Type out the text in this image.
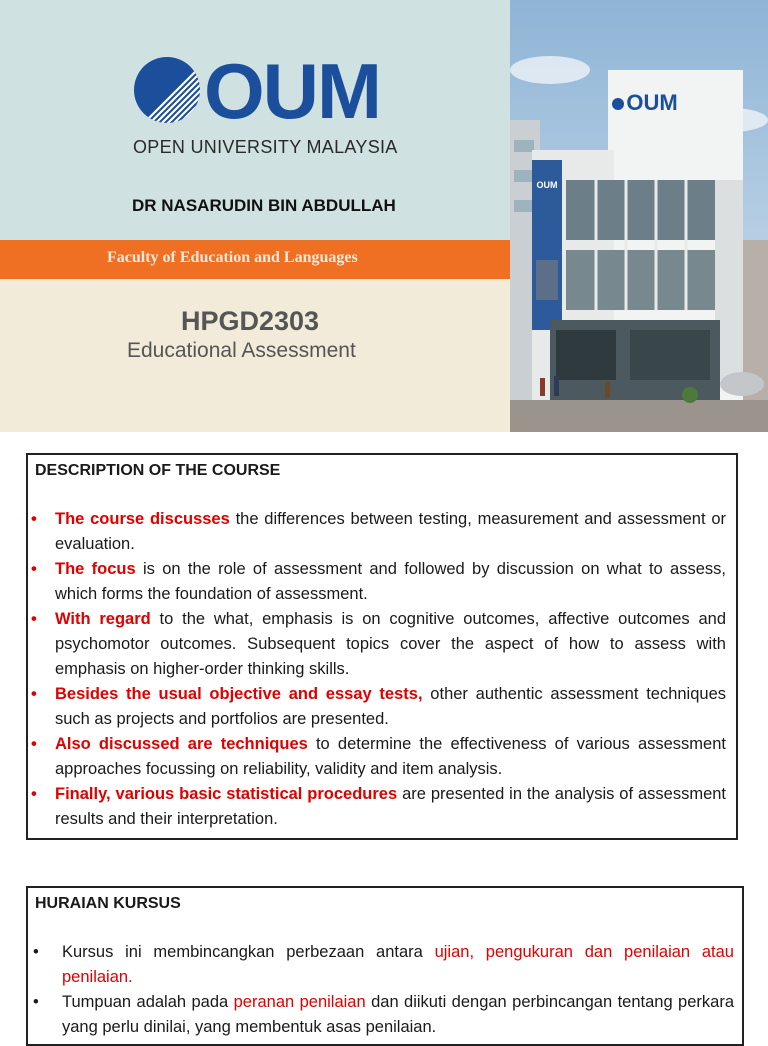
OUM
OPEN UNIVERSITY MALAYSIA
DR NASARUDIN BIN ABDULLAH
Faculty of Education and Languages
HPGD2303
Educational Assessment
OUM
OUM
DESCRIPTION OF THE COURSE
• The course discusses the differences between testing, measurement and assessment or evaluation.
• The focus is on the role of assessment and followed by discussion on what to assess, which forms the foundation of assessment.
• With regard to the what, emphasis is on cognitive outcomes, affective outcomes and psychomotor outcomes. Subsequent topics cover the aspect of how to assess with emphasis on higher-order thinking skills.
• Besides the usual objective and essay tests, other authentic assessment techniques such as projects and portfolios are presented.
• Also discussed are techniques to determine the effectiveness of various assessment approaches focussing on reliability, validity and item analysis.
• Finally, various basic statistical procedures are presented in the analysis of assessment results and their interpretation.
HURAIAN KURSUS
• Kursus ini membincangkan perbezaan antara ujian, pengukuran dan penilaian atau penilaian.
• Tumpuan adalah pada peranan penilaian dan diikuti dengan perbincangan tentang perkara yang perlu dinilai, yang membentuk asas penilaian.
